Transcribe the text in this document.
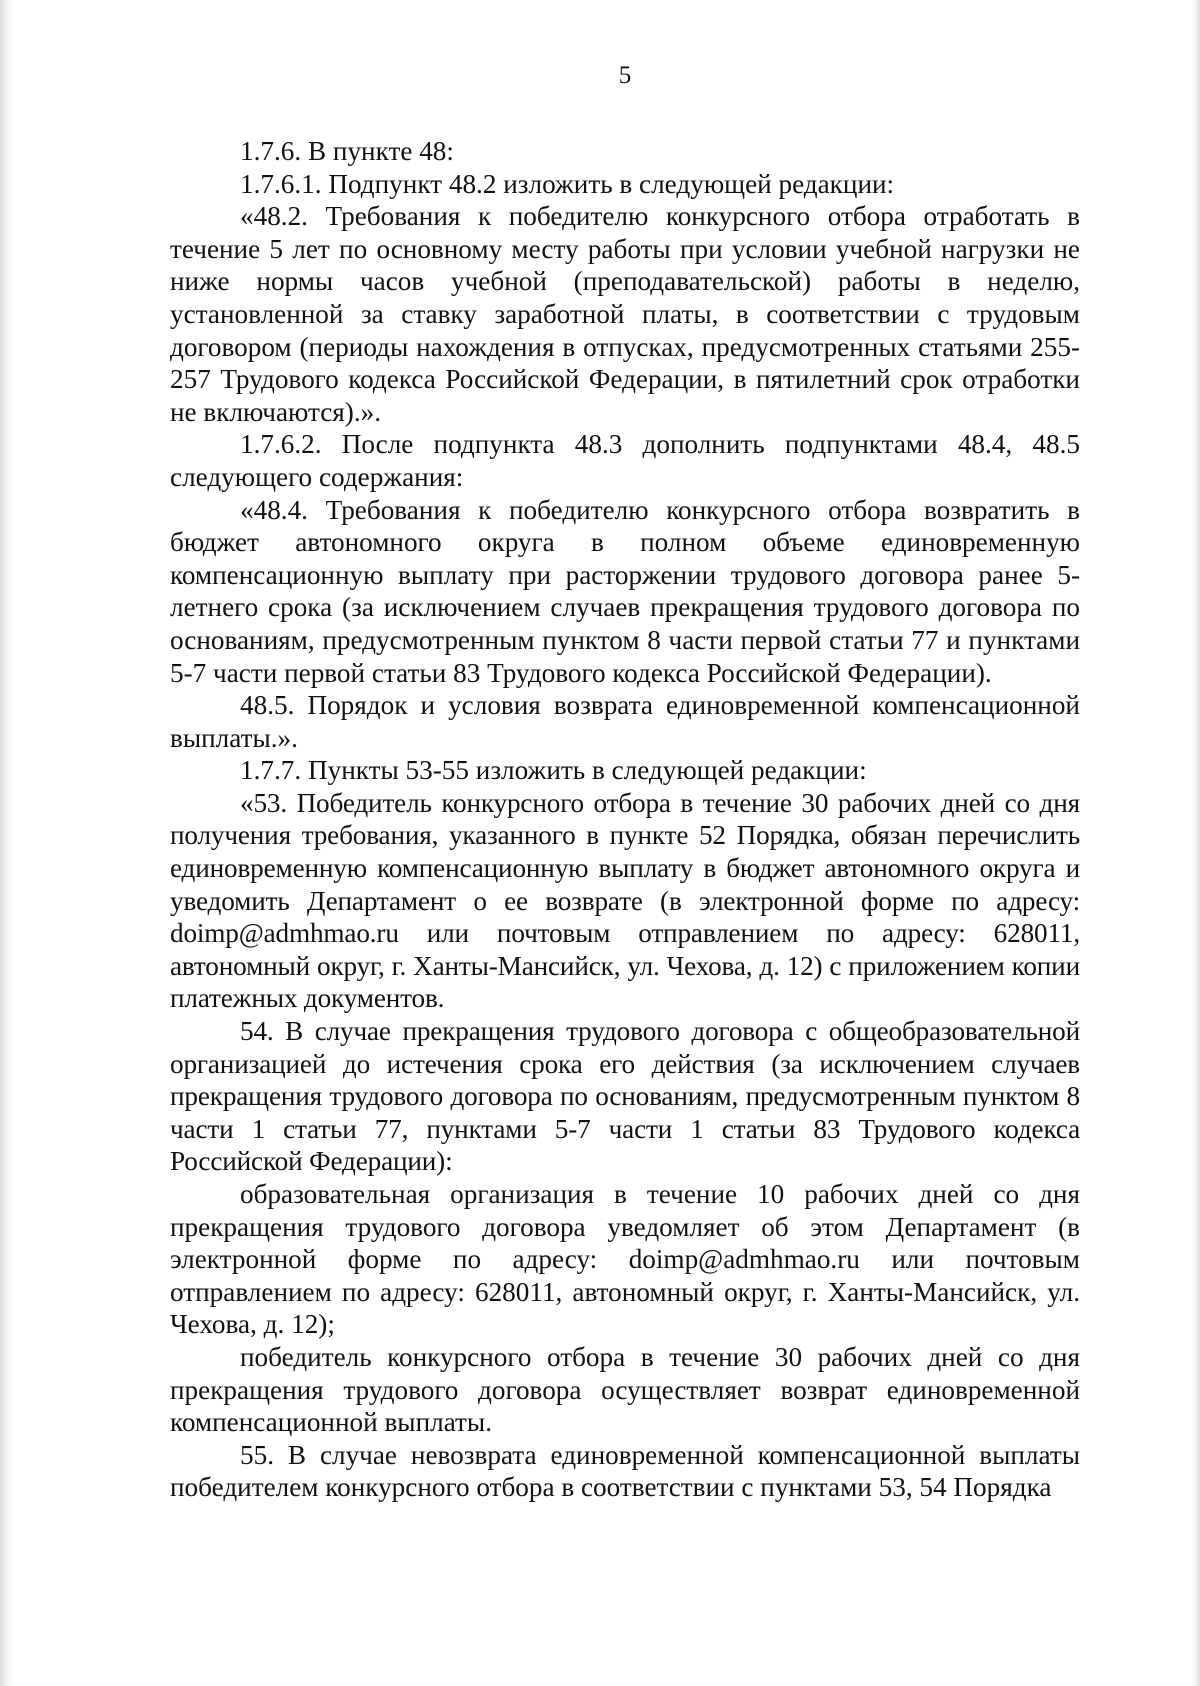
5

1.7.6. В пункте 48:

1.7.6.1. Подпункт 48.2 изложить в следующей редакции:

«48.2. Требования к победителю конкурсного отбора отработать в течение 5 лет по основному месту работы при условии учебной нагрузки не ниже нормы часов учебной (преподавательской) работы в неделю, установленной за ставку заработной платы, в соответствии с трудовым договором (периоды нахождения в отпусках, предусмотренных статьями 255-257 Трудового кодекса Российской Федерации, в пятилетний срок отработки не включаются).».

1.7.6.2. После подпункта 48.3 дополнить подпунктами 48.4, 48.5 следующего содержания:

«48.4. Требования к победителю конкурсного отбора возвратить в бюджет автономного округа в полном объеме единовременную компенсационную выплату при расторжении трудового договора ранее 5-летнего срока (за исключением случаев прекращения трудового договора по основаниям, предусмотренным пунктом 8 части первой статьи 77 и пунктами 5-7 части первой статьи 83 Трудового кодекса Российской Федерации).

48.5. Порядок и условия возврата единовременной компенсационной выплаты.».

1.7.7. Пункты 53-55 изложить в следующей редакции:

«53. Победитель конкурсного отбора в течение 30 рабочих дней со дня получения требования, указанного в пункте 52 Порядка, обязан перечислить единовременную компенсационную выплату в бюджет автономного округа и уведомить Департамент о ее возврате (в электронной форме по адресу: doimp@admhmao.ru или почтовым отправлением по адресу: 628011, автономный округ, г. Ханты-Мансийск, ул. Чехова, д. 12) с приложением копии платежных документов.

54. В случае прекращения трудового договора с общеобразовательной организацией до истечения срока его действия (за исключением случаев прекращения трудового договора по основаниям, предусмотренным пунктом 8 части 1 статьи 77, пунктами 5-7 части 1 статьи 83 Трудового кодекса Российской Федерации):

образовательная организация в течение 10 рабочих дней со дня прекращения трудового договора уведомляет об этом Департамент (в электронной форме по адресу: doimp@admhmao.ru или почтовым отправлением по адресу: 628011, автономный округ, г. Ханты-Мансийск, ул. Чехова, д. 12);

победитель конкурсного отбора в течение 30 рабочих дней со дня прекращения трудового договора осуществляет возврат единовременной компенсационной выплаты.

55. В случае невозврата единовременной компенсационной выплаты победителем конкурсного отбора в соответствии с пунктами 53, 54 Порядка
